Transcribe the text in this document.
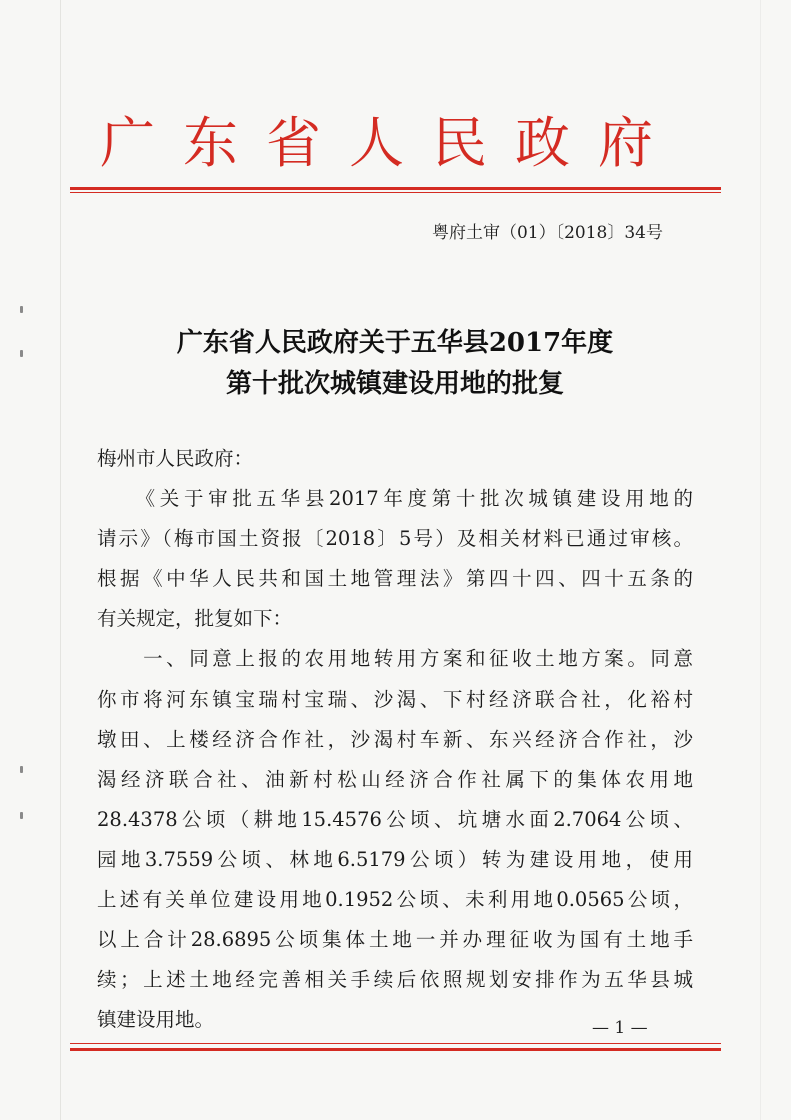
广东省人民政府
粤府土审（01）〔2018〕34号
广东省人民政府关于五华县2017年度
第十批次城镇建设用地的批复
梅州市人民政府：
　　《关于审批五华县2017年度第十批次城镇建设用地的
请示》（梅市国土资报〔2018〕5号）及相关材料已通过审核。
根据《中华人民共和国土地管理法》第四十四、四十五条的
有关规定，批复如下：
　　一、同意上报的农用地转用方案和征收土地方案。同意
你市将河东镇宝瑞村宝瑞、沙渴、下村经济联合社，化裕村
墩田、上楼经济合作社，沙渴村车新、东兴经济合作社，沙
渴经济联合社、油新村松山经济合作社属下的集体农用地
28.4378公顷（耕地15.4576公顷、坑塘水面2.7064公顷、
园地3.7559公顷、林地6.5179公顷）转为建设用地，使用
上述有关单位建设用地0.1952公顷、未利用地0.0565公顷，
以上合计28.6895公顷集体土地一并办理征收为国有土地手
续；上述土地经完善相关手续后依照规划安排作为五华县城
镇建设用地。	— 1 —
